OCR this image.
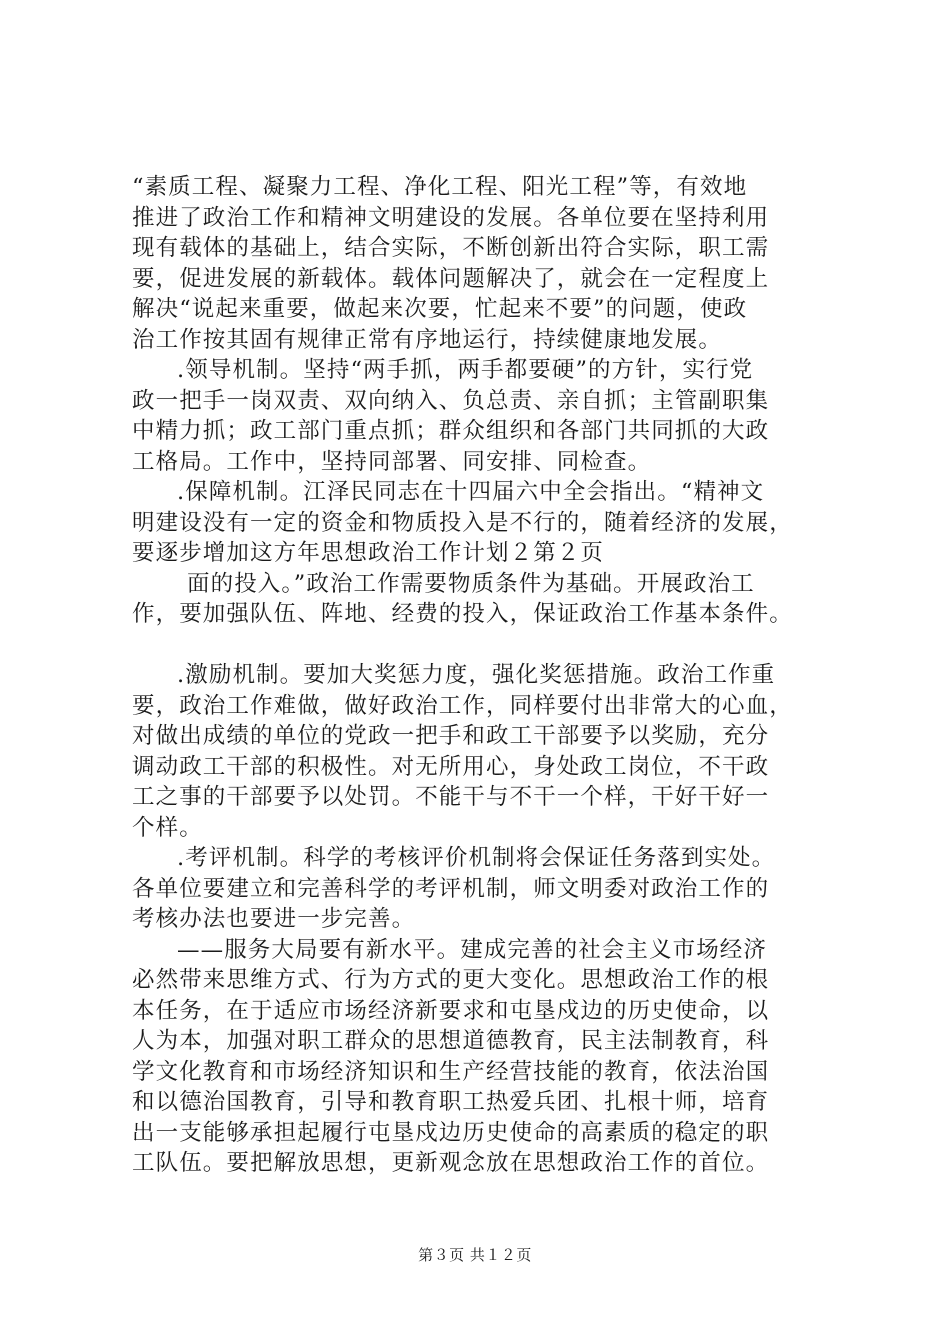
“素质工程、凝聚力工程、净化工程、阳光工程”等，有效地
推进了政治工作和精神文明建设的发展。各单位要在坚持利用
现有载体的基础上，结合实际，不断创新出符合实际，职工需
要，促进发展的新载体。载体问题解决了，就会在一定程度上
解决“说起来重要，做起来次要，忙起来不要”的问题，使政
治工作按其固有规律正常有序地运行，持续健康地发展。
.领导机制。坚持“两手抓，两手都要硬”的方针，实行党
政一把手一岗双责、双向纳入、负总责、亲自抓；主管副职集
中精力抓；政工部门重点抓；群众组织和各部门共同抓的大政
工格局。工作中，坚持同部署、同安排、同检查。
.保障机制。江泽民同志在十四届六中全会指出。“精神文
明建设没有一定的资金和物质投入是不行的，随着经济的发展，
要逐步增加这方年思想政治工作计划２第２页
面的投入。”政治工作需要物质条件为基础。开展政治工
作，要加强队伍、阵地、经费的投入，保证政治工作基本条件。
.激励机制。要加大奖惩力度，强化奖惩措施。政治工作重
要，政治工作难做，做好政治工作，同样要付出非常大的心血，
对做出成绩的单位的党政一把手和政工干部要予以奖励，充分
调动政工干部的积极性。对无所用心，身处政工岗位，不干政
工之事的干部要予以处罚。不能干与不干一个样，干好干好一
个样。
.考评机制。科学的考核评价机制将会保证任务落到实处。
各单位要建立和完善科学的考评机制，师文明委对政治工作的
考核办法也要进一步完善。
——服务大局要有新水平。建成完善的社会主义市场经济
必然带来思维方式、行为方式的更大变化。思想政治工作的根
本任务，在于适应市场经济新要求和屯垦戍边的历史使命，以
人为本，加强对职工群众的思想道德教育，民主法制教育，科
学文化教育和市场经济知识和生产经营技能的教育，依法治国
和以德治国教育，引导和教育职工热爱兵团、扎根十师，培育
出一支能够承担起履行屯垦戍边历史使命的高素质的稳定的职
工队伍。要把解放思想，更新观念放在思想政治工作的首位。
第３页 共１２页
